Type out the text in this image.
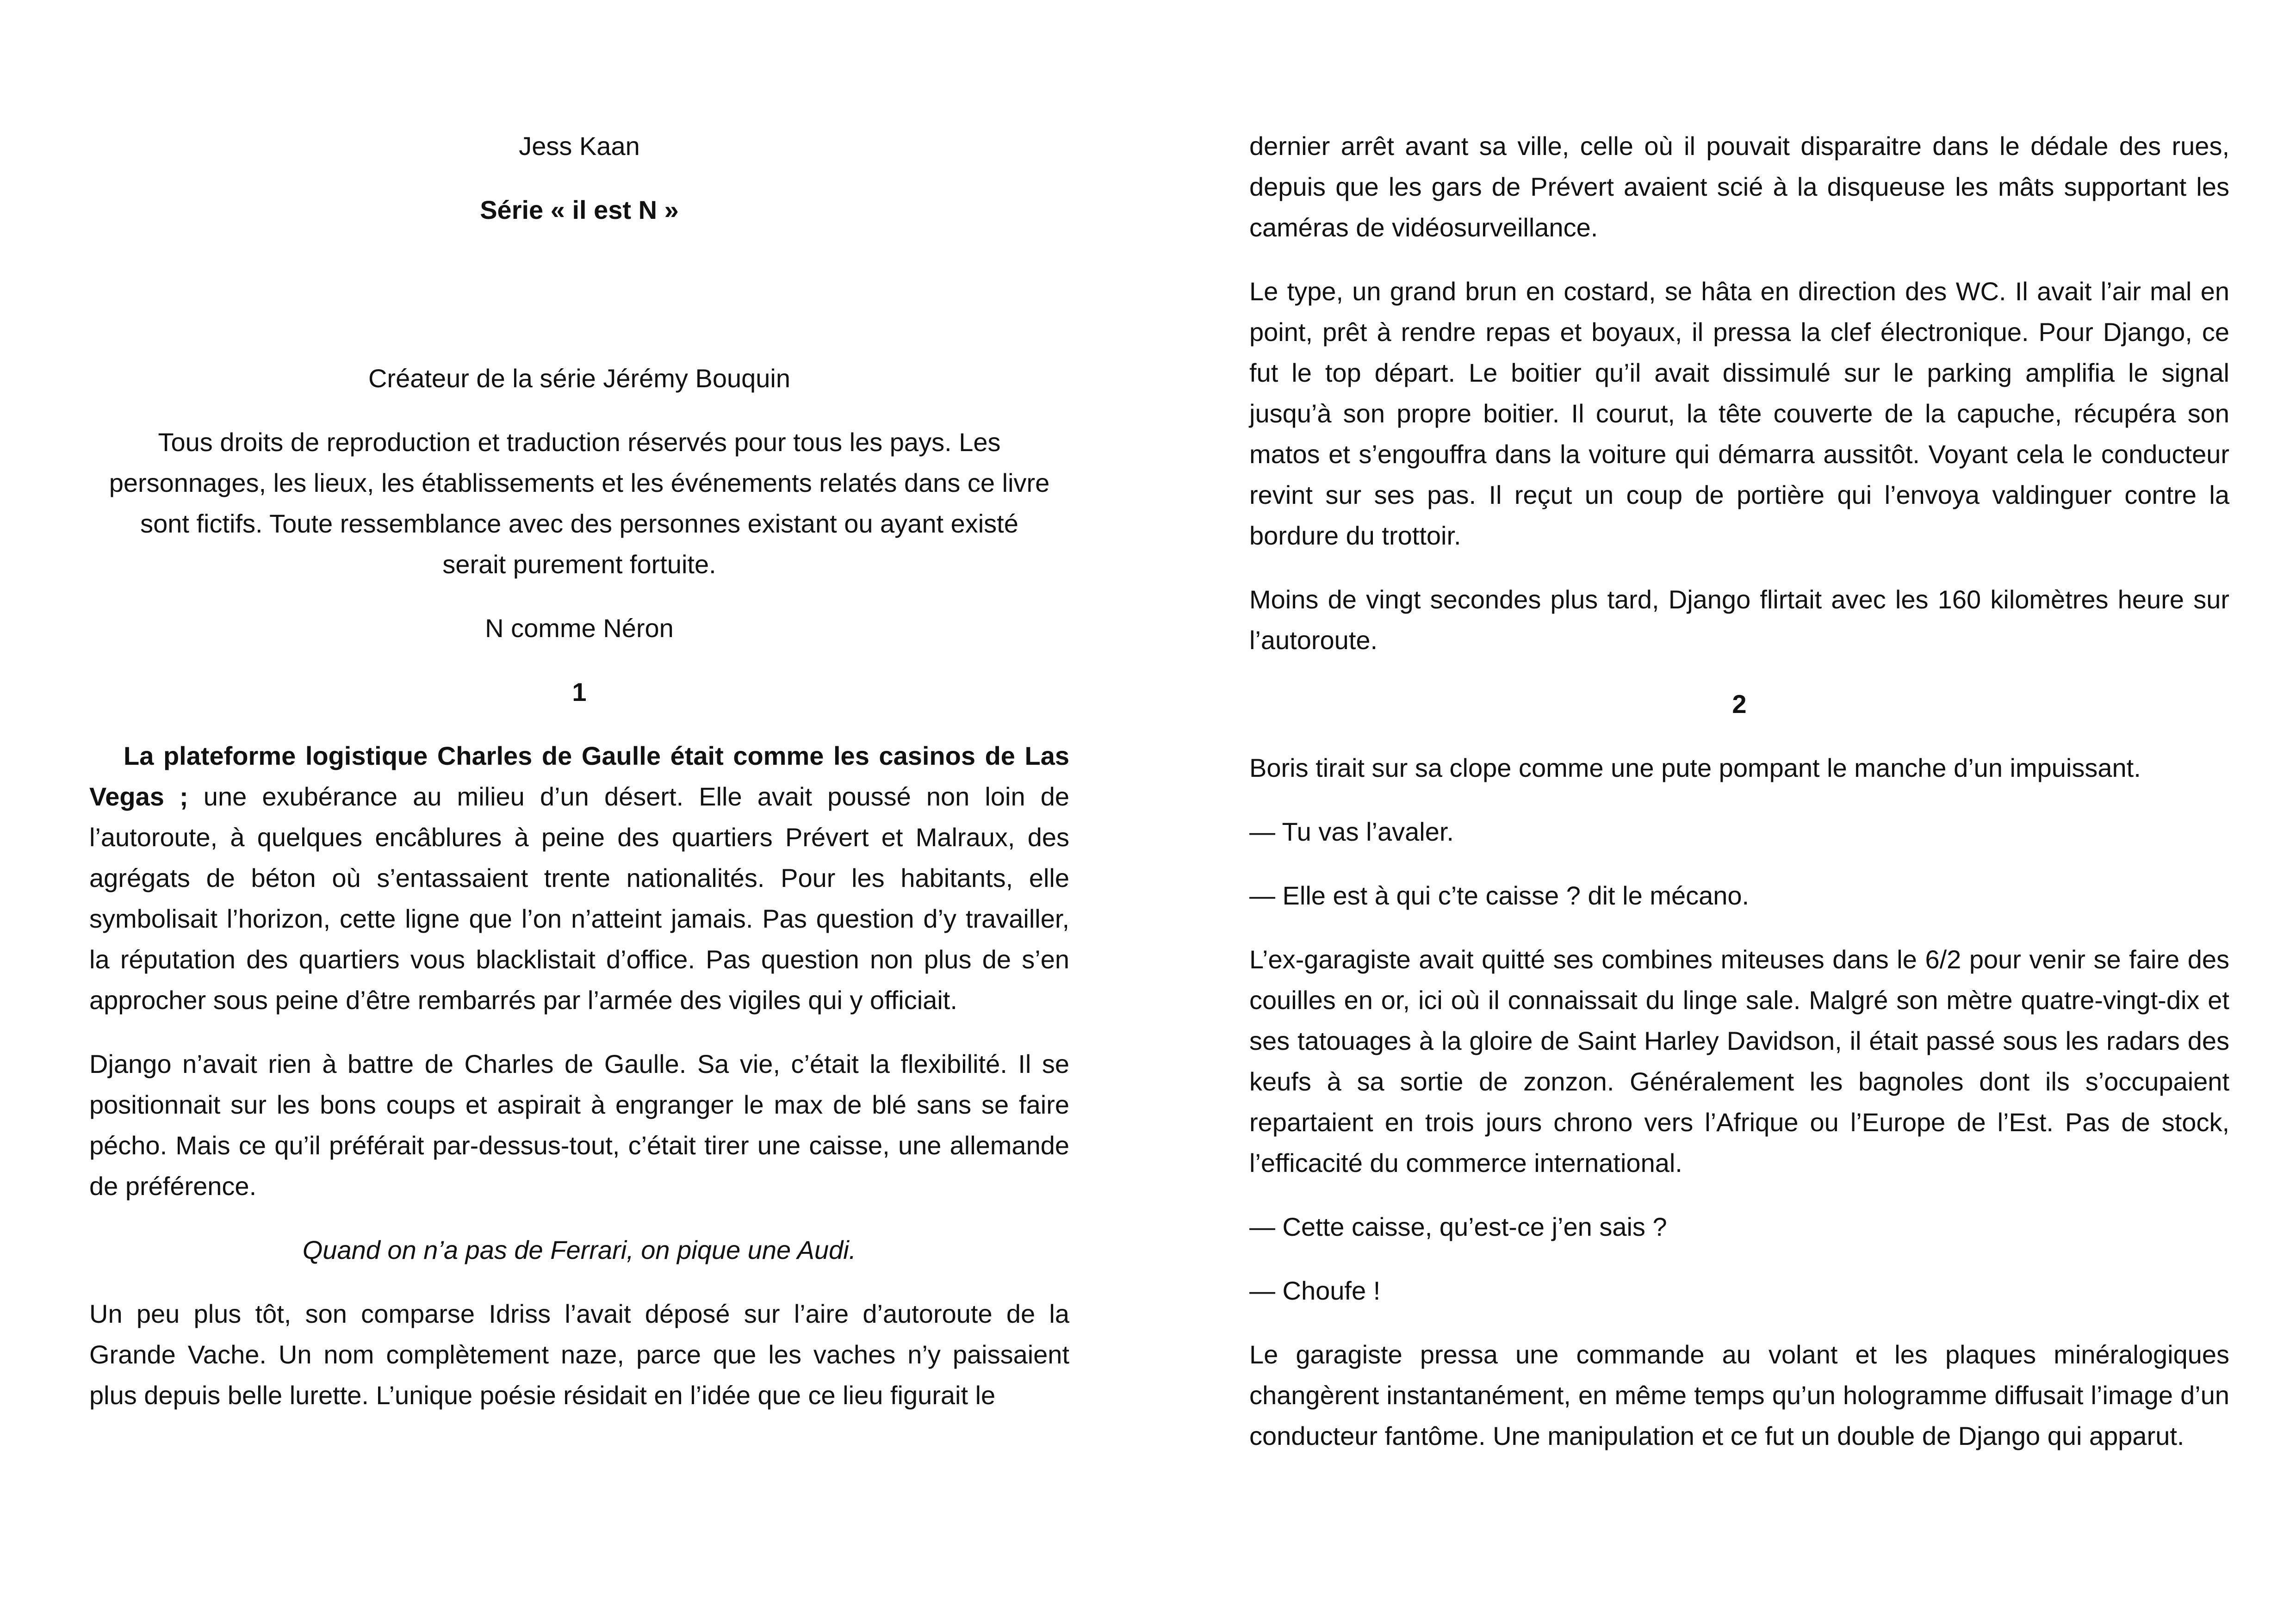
Jess Kaan

Série « il est N »

Créateur de la série Jérémy Bouquin

Tous droits de reproduction et traduction réservés pour tous les pays. Les personnages, les lieux, les établissements et les événements relatés dans ce livre sont fictifs. Toute ressemblance avec des personnes existant ou ayant existé serait purement fortuite.

N comme Néron

1

La plateforme logistique Charles de Gaulle était comme les casinos de Las Vegas ; une exubérance au milieu d’un désert. Elle avait poussé non loin de l’autoroute, à quelques encâblures à peine des quartiers Prévert et Malraux, des agrégats de béton où s’entassaient trente nationalités. Pour les habitants, elle symbolisait l’horizon, cette ligne que l’on n’atteint jamais. Pas question d’y travailler, la réputation des quartiers vous blacklistait d’office. Pas question non plus de s’en approcher sous peine d’être rembarrés par l’armée des vigiles qui y officiait.

Django n’avait rien à battre de Charles de Gaulle. Sa vie, c’était la flexibilité. Il se positionnait sur les bons coups et aspirait à engranger le max de blé sans se faire pécho. Mais ce qu’il préférait par-dessus-tout, c’était tirer une caisse, une allemande de préférence.

Quand on n’a pas de Ferrari, on pique une Audi.

Un peu plus tôt, son comparse Idriss l’avait déposé sur l’aire d’autoroute de la Grande Vache. Un nom complètement naze, parce que les vaches n’y paissaient plus depuis belle lurette. L’unique poésie résidait en l’idée que ce lieu figurait le

dernier arrêt avant sa ville, celle où il pouvait disparaitre dans le dédale des rues, depuis que les gars de Prévert avaient scié à la disqueuse les mâts supportant les caméras de vidéosurveillance.

Le type, un grand brun en costard, se hâta en direction des WC. Il avait l’air mal en point, prêt à rendre repas et boyaux, il pressa la clef électronique. Pour Django, ce fut le top départ. Le boitier qu’il avait dissimulé sur le parking amplifia le signal jusqu’à son propre boitier. Il courut, la tête couverte de la capuche, récupéra son matos et s’engouffra dans la voiture qui démarra aussitôt. Voyant cela le conducteur revint sur ses pas. Il reçut un coup de portière qui l’envoya valdinguer contre la bordure du trottoir.

Moins de vingt secondes plus tard, Django flirtait avec les 160 kilomètres heure sur l’autoroute.

2

Boris tirait sur sa clope comme une pute pompant le manche d’un impuissant.

— Tu vas l’avaler.

— Elle est à qui c’te caisse ? dit le mécano.

L’ex-garagiste avait quitté ses combines miteuses dans le 6/2 pour venir se faire des couilles en or, ici où il connaissait du linge sale. Malgré son mètre quatre-vingt-dix et ses tatouages à la gloire de Saint Harley Davidson, il était passé sous les radars des keufs à sa sortie de zonzon. Généralement les bagnoles dont ils s’occupaient repartaient en trois jours chrono vers l’Afrique ou l’Europe de l’Est. Pas de stock, l’efficacité du commerce international.

— Cette caisse, qu’est-ce j’en sais ?

— Choufe !

Le garagiste pressa une commande au volant et les plaques minéralogiques changèrent instantanément, en même temps qu’un hologramme diffusait l’image d’un conducteur fantôme. Une manipulation et ce fut un double de Django qui apparut.
